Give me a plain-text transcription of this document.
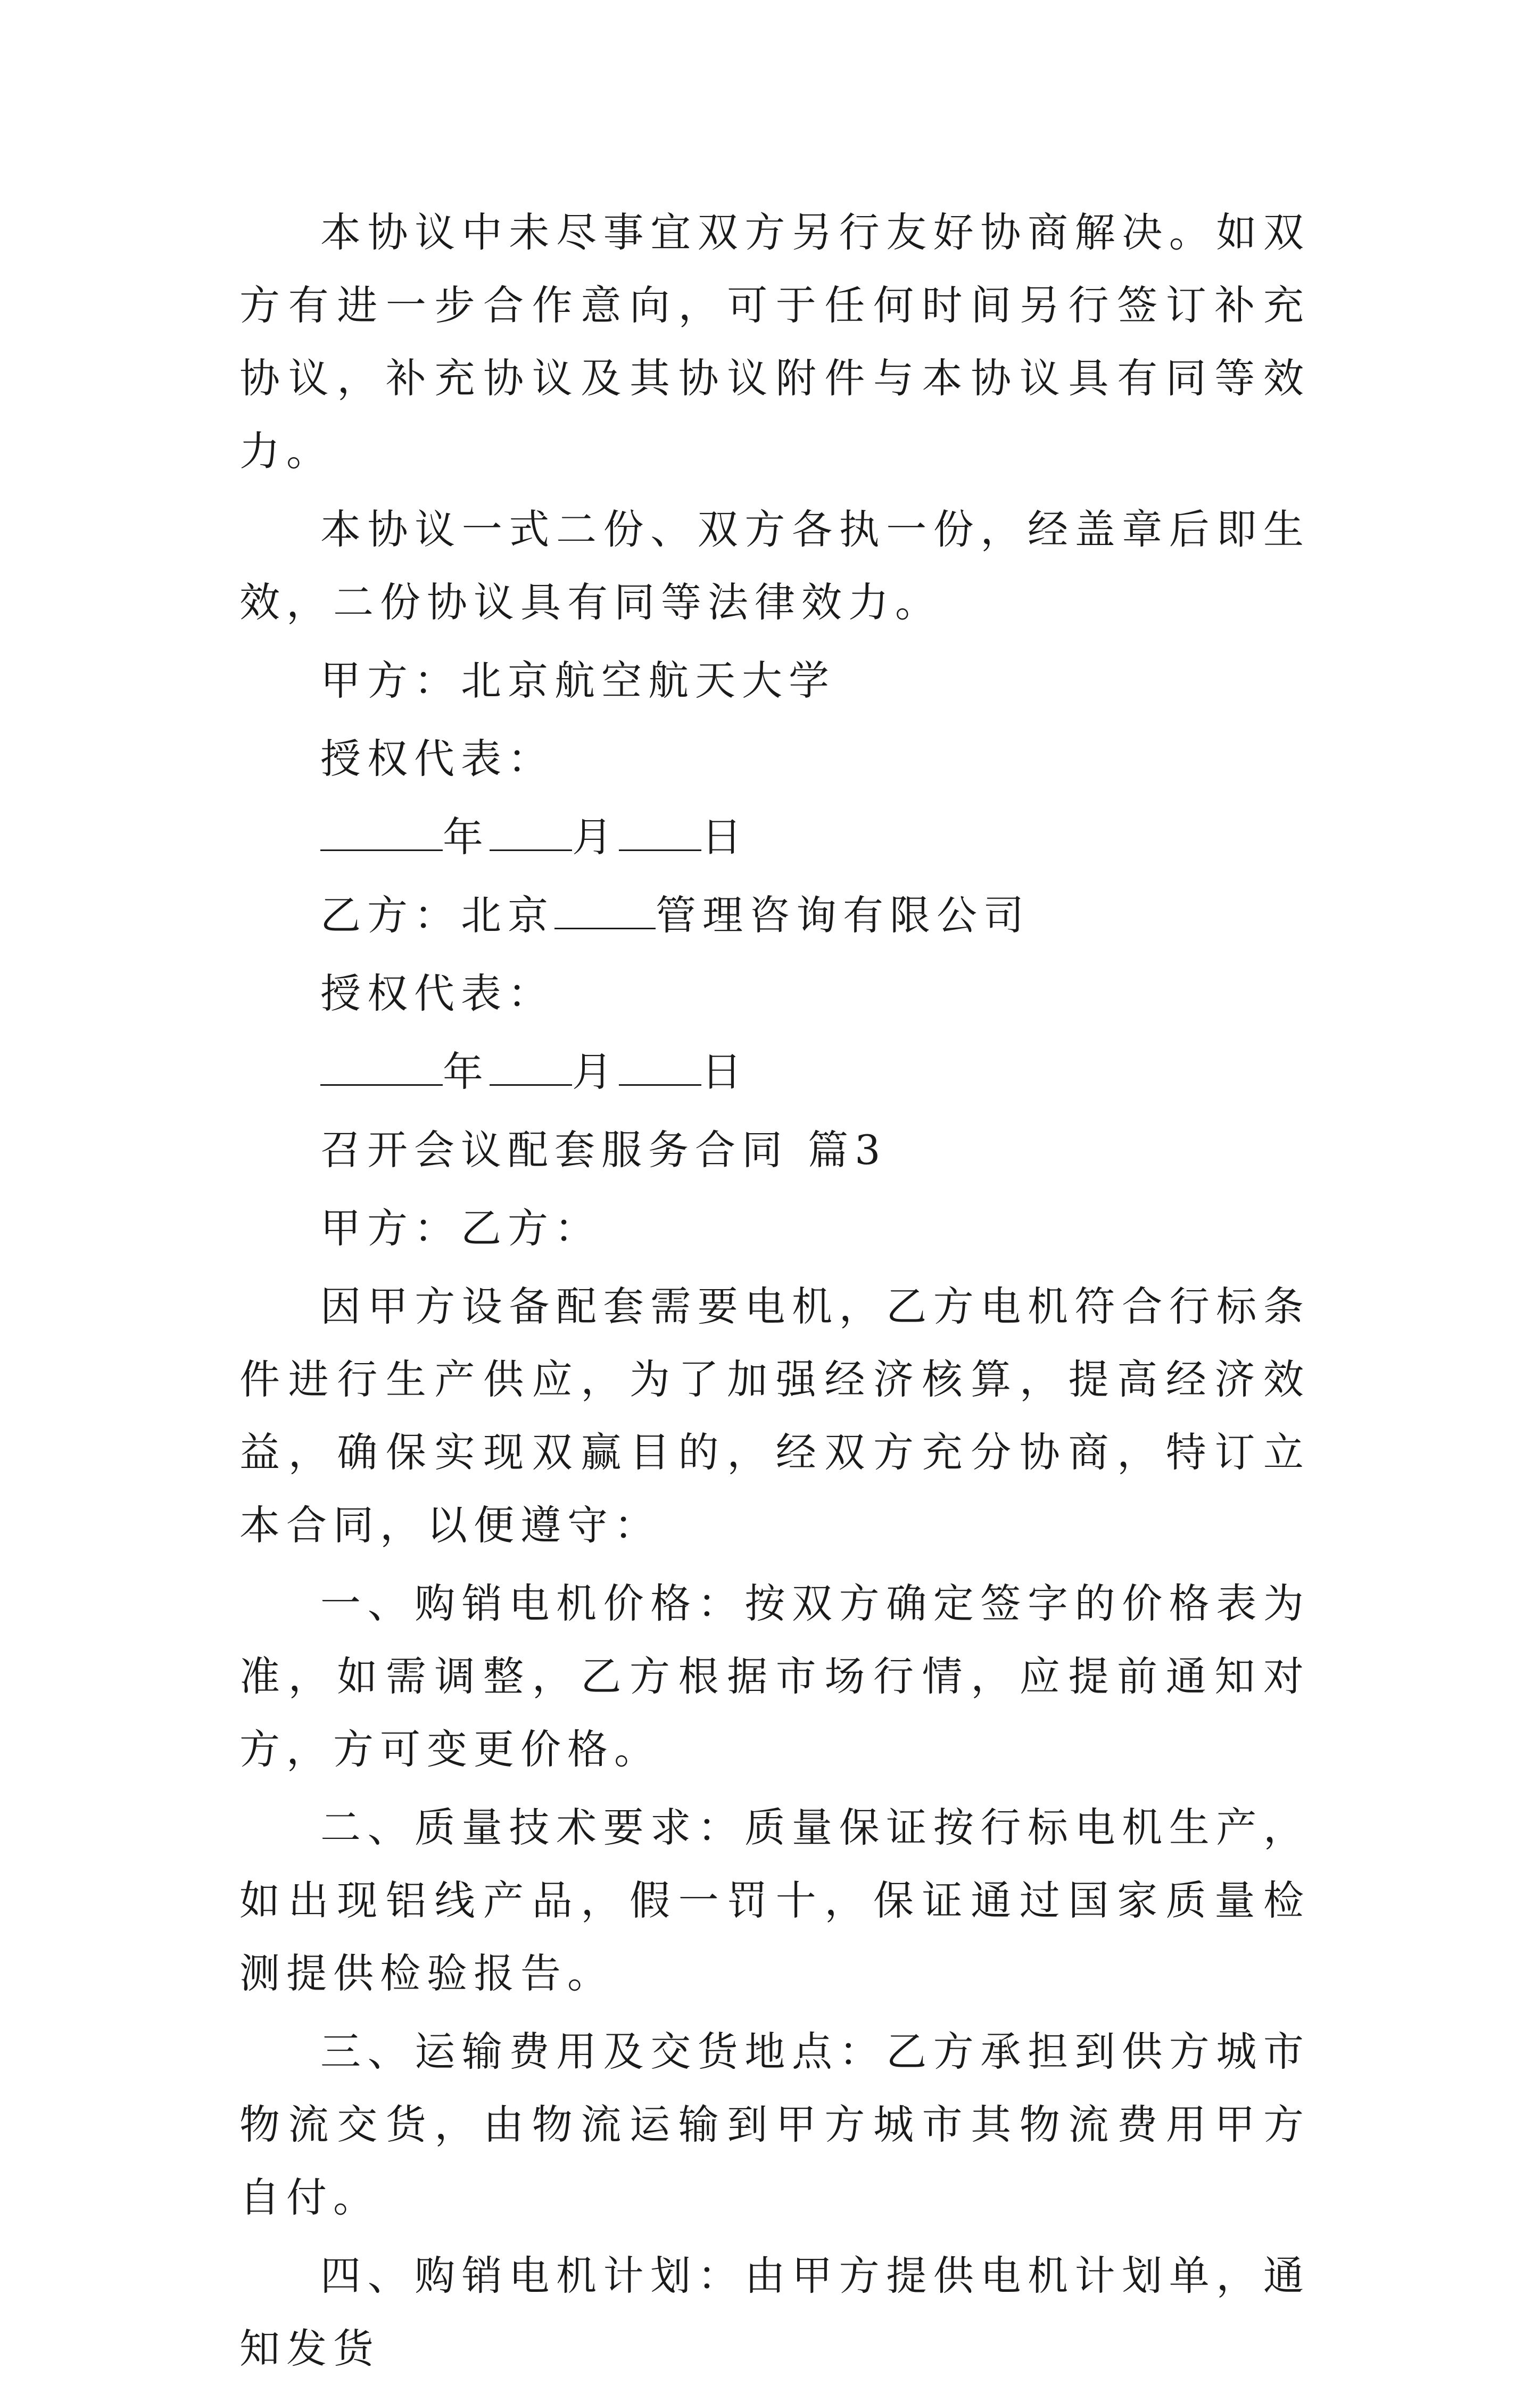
本协议中未尽事宜双方另行友好协商解决。如双方有进一步合作意向，可于任何时间另行签订补充协议，补充协议及其协议附件与本协议具有同等效力。

本协议一式二份、双方各执一份，经盖章后即生效，二份协议具有同等法律效力。

甲方：北京航空航天大学

授权代表：

年 月 日

乙方：北京	管理咨询有限公司

授权代表：

年 月 日

召开会议配套服务合同 篇3

甲方：乙方：

因甲方设备配套需要电机，乙方电机符合行标条件进行生产供应，为了加强经济核算，提高经济效益，确保实现双赢目的，经双方充分协商，特订立本合同，以便遵守：

一、购销电机价格：按双方确定签字的价格表为准，如需调整，乙方根据市场行情，应提前通知对方，方可变更价格。

二、质量技术要求：质量保证按行标电机生产，如出现铝线产品，假一罚十，保证通过国家质量检测提供检验报告。

三、运输费用及交货地点：乙方承担到供方城市物流交货，由物流运输到甲方城市其物流费用甲方自付。

四、购销电机计划：由甲方提供电机计划单，通知发货
